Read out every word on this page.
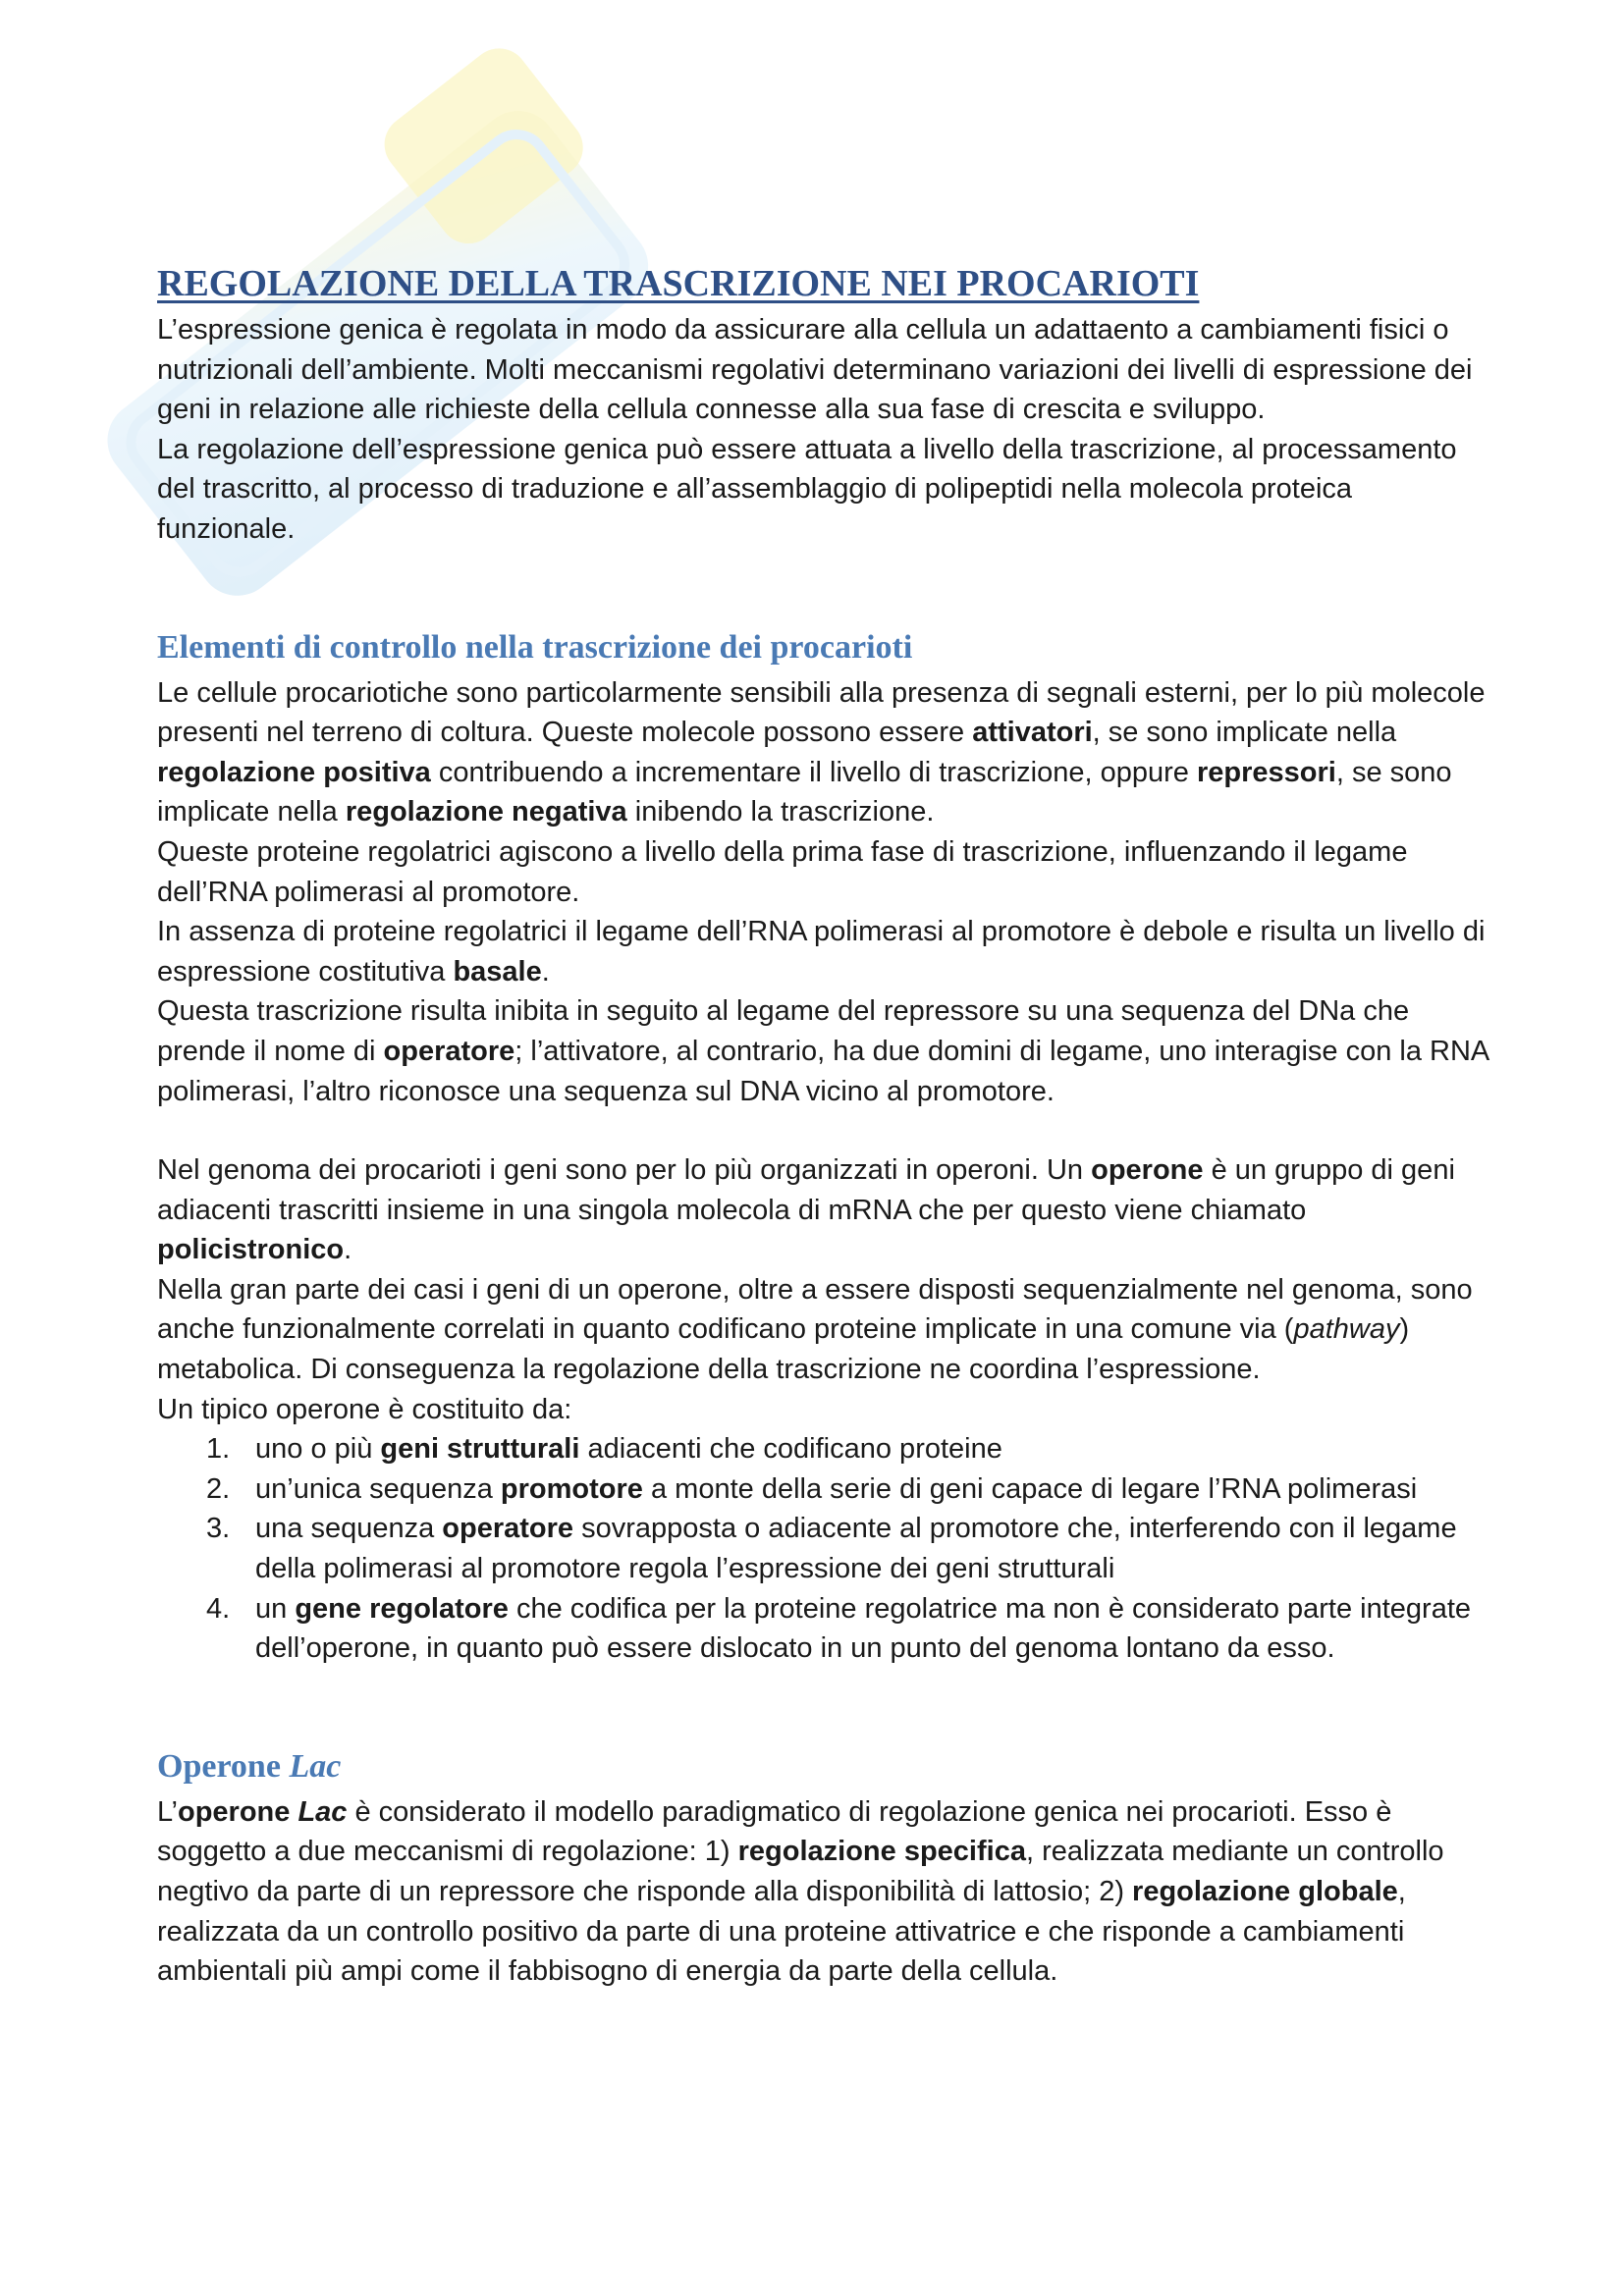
REGOLAZIONE DELLA TRASCRIZIONE NEI PROCARIOTI

L’espressione genica è regolata in modo da assicurare alla cellula un adattaento a cambiamenti fisici o nutrizionali dell’ambiente. Molti meccanismi regolativi determinano variazioni dei livelli di espressione dei geni in relazione alle richieste della cellula connesse alla sua fase di crescita e sviluppo.

La regolazione dell’espressione genica può essere attuata a livello della trascrizione, al processamento del trascritto, al processo di traduzione e all’assemblaggio di polipeptidi nella molecola proteica funzionale.

Elementi di controllo nella trascrizione dei procarioti

Le cellule procariotiche sono particolarmente sensibili alla presenza di segnali esterni, per lo più molecole presenti nel terreno di coltura. Queste molecole possono essere attivatori, se sono implicate nella regolazione positiva contribuendo a incrementare il livello di trascrizione, oppure repressori, se sono implicate nella regolazione negativa inibendo la trascrizione.

Queste proteine regolatrici agiscono a livello della prima fase di trascrizione, influenzando il legame dell’RNA polimerasi al promotore.

In assenza di proteine regolatrici il legame dell’RNA polimerasi al promotore è debole e risulta un livello di espressione costitutiva basale.

Questa trascrizione risulta inibita in seguito al legame del repressore su una sequenza del DNa che prende il nome di operatore; l’attivatore, al contrario, ha due domini di legame, uno interagise con la RNA polimerasi, l’altro riconosce una sequenza sul DNA vicino al promotore.

Nel genoma dei procarioti i geni sono per lo più organizzati in operoni. Un operone è un gruppo di geni adiacenti trascritti insieme in una singola molecola di mRNA che per questo viene chiamato policistronico.

Nella gran parte dei casi i geni di un operone, oltre a essere disposti sequenzialmente nel genoma, sono anche funzionalmente correlati in quanto codificano proteine implicate in una comune via (pathway) metabolica. Di conseguenza la regolazione della trascrizione ne coordina l’espressione.

Un tipico operone è costituito da:

1. uno o più geni strutturali adiacenti che codificano proteine
2. un’unica sequenza promotore a monte della serie di geni capace di legare l’RNA polimerasi
3. una sequenza operatore sovrapposta o adiacente al promotore che, interferendo con il legame della polimerasi al promotore regola l’espressione dei geni strutturali
4. un gene regolatore che codifica per la proteine regolatrice ma non è considerato parte integrate dell’operone, in quanto può essere dislocato in un punto del genoma lontano da esso.
Operone Lac

L’operone Lac è considerato il modello paradigmatico di regolazione genica nei procarioti. Esso è soggetto a due meccanismi di regolazione: 1) regolazione specifica, realizzata mediante un controllo negtivo da parte di un repressore che risponde alla disponibilità di lattosio; 2) regolazione globale, realizzata da un controllo positivo da parte di una proteine attivatrice e che risponde a cambiamenti ambientali più ampi come il fabbisogno di energia da parte della cellula.
